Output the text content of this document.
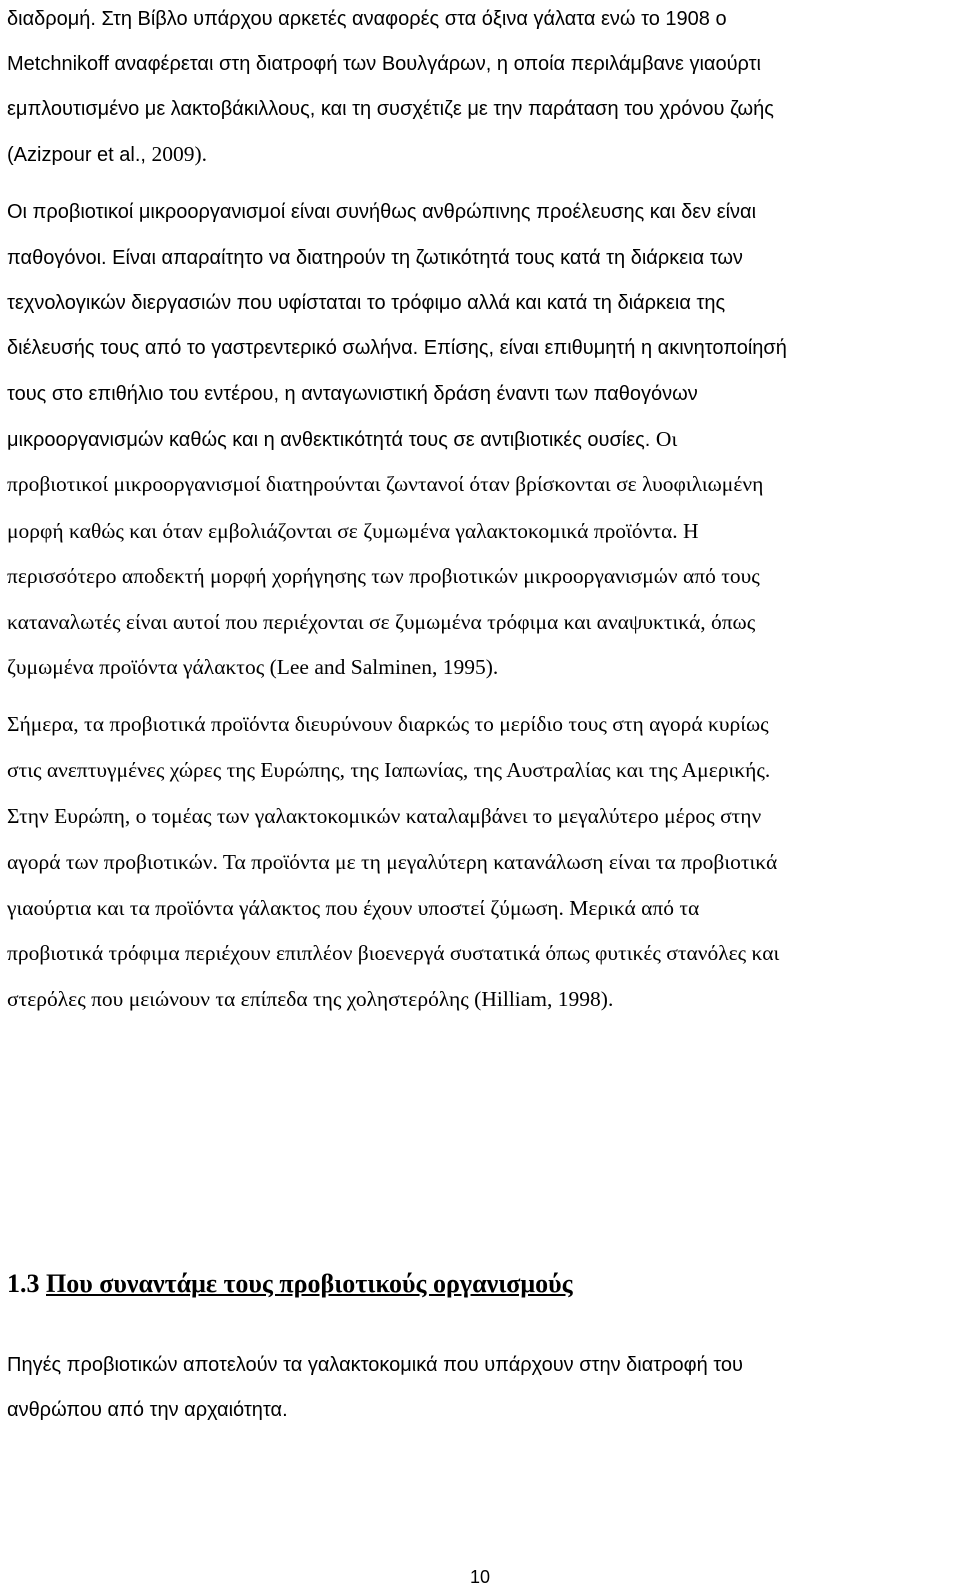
διαδρομή. Στη Βίβλο υπάρχου αρκετές αναφορές στα όξινα γάλατα ενώ το 1908 ο
Metchnikoff αναφέρεται στη διατροφή των Βουλγάρων, η οποία περιλάμβανε γιαούρτι
εμπλουτισμένο με λακτοβάκιλλους, και τη συσχέτιζε με την παράταση του χρόνου ζωής
(Azizpour et al., 2009).
Οι προβιοτικοί μικροοργανισμοί είναι συνήθως ανθρώπινης προέλευσης και δεν είναι
παθογόνοι. Είναι απαραίτητο να διατηρούν τη ζωτικότητά τους κατά τη διάρκεια των
τεχνολογικών διεργασιών που υφίσταται το τρόφιμο αλλά και κατά τη διάρκεια της
διέλευσής τους από το γαστρεντερικό σωλήνα. Επίσης, είναι επιθυμητή η ακινητοποίησή
τους στο επιθήλιο του εντέρου, η ανταγωνιστική δράση έναντι των παθογόνων
μικροοργανισμών καθώς και η ανθεκτικότητά τους σε αντιβιοτικές ουσίες. Οι
προβιοτικοί μικροοργανισμοί διατηρούνται ζωντανοί όταν βρίσκονται σε λυοφιλιωμένη
μορφή καθώς και όταν εμβολιάζονται σε ζυμωμένα γαλακτοκομικά προϊόντα. Η
περισσότερο αποδεκτή μορφή χορήγησης των προβιοτικών μικροοργανισμών από τους
καταναλωτές είναι αυτοί που περιέχονται σε ζυμωμένα τρόφιμα και αναψυκτικά, όπως
ζυμωμένα προϊόντα γάλακτος (Lee and Salminen, 1995).
Σήμερα, τα προβιοτικά προϊόντα διευρύνουν διαρκώς το μερίδιο τους στη αγορά κυρίως
στις ανεπτυγμένες χώρες της Ευρώπης, της Ιαπωνίας, της Αυστραλίας και της Αμερικής.
Στην Ευρώπη, ο τομέας των γαλακτοκομικών καταλαμβάνει το μεγαλύτερο μέρος στην
αγορά των προβιοτικών. Τα προϊόντα με τη μεγαλύτερη κατανάλωση είναι τα προβιοτικά
γιαούρτια και τα προϊόντα γάλακτος που έχουν υποστεί ζύμωση. Μερικά από τα
προβιοτικά τρόφιμα περιέχουν επιπλέον βιοενεργά συστατικά όπως φυτικές στανόλες και
στερόλες που μειώνουν τα επίπεδα της χοληστερόλης (Hilliam, 1998).
1.3 Που συναντάμε τους προβιοτικούς οργανισμούς
Πηγές προβιοτικών αποτελούν τα γαλακτοκομικά που υπάρχουν στην διατροφή του
ανθρώπου από την αρχαιότητα.
10
